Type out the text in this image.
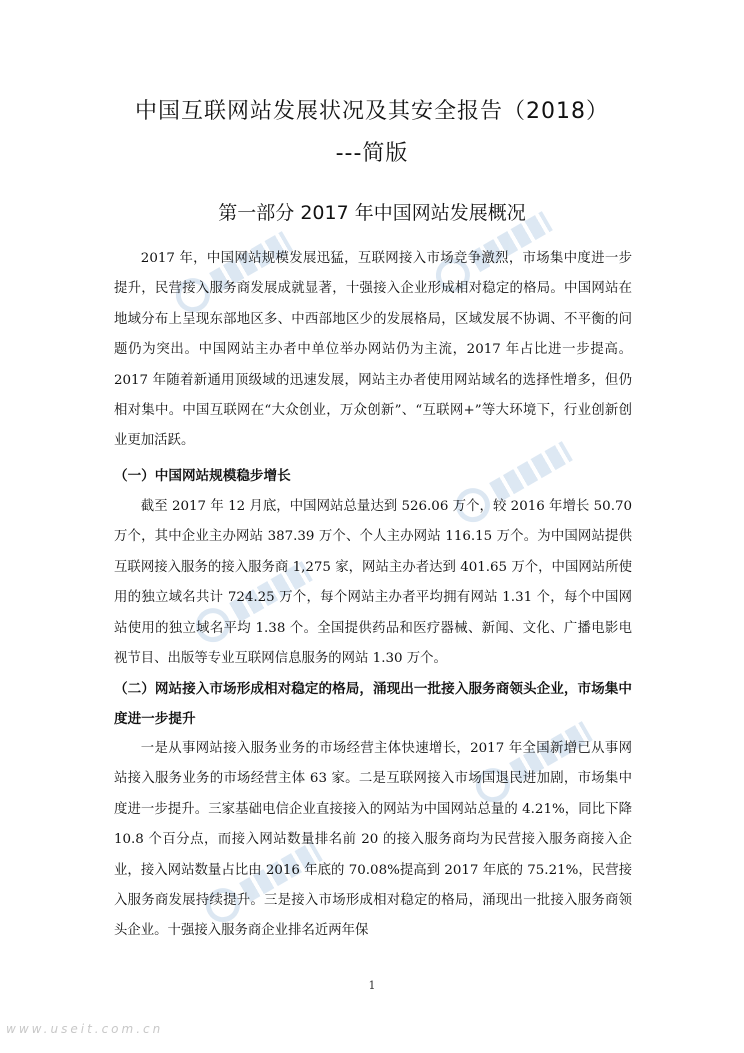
中国互联网站发展状况及其安全报告（2018）
---简版
第一部分 2017 年中国网站发展概况

2017 年，中国网站规模发展迅猛，互联网接入市场竞争激烈，市场集中度进一步提升，民营接入服务商发展成就显著，十强接入企业形成相对稳定的格局。中国网站在地域分布上呈现东部地区多、中西部地区少的发展格局，区域发展不协调、不平衡的问题仍为突出。中国网站主办者中单位举办网站仍为主流，2017 年占比进一步提高。2017 年随着新通用顶级域的迅速发展，网站主办者使用网站域名的选择性增多，但仍相对集中。中国互联网在“大众创业，万众创新”、“互联网+”等大环境下，行业创新创业更加活跃。

（一）中国网站规模稳步增长

截至 2017 年 12 月底，中国网站总量达到 526.06 万个，较 2016 年增长 50.70 万个，其中企业主办网站 387.39 万个、个人主办网站 116.15 万个。为中国网站提供互联网接入服务的接入服务商 1,275 家，网站主办者达到 401.65 万个，中国网站所使用的独立域名共计 724.25 万个，每个网站主办者平均拥有网站 1.31 个，每个中国网站使用的独立域名平均 1.38 个。全国提供药品和医疗器械、新闻、文化、广播电影电视节目、出版等专业互联网信息服务的网站 1.30 万个。

（二）网站接入市场形成相对稳定的格局，涌现出一批接入服务商领头企业，市场集中度进一步提升

一是从事网站接入服务业务的市场经营主体快速增长，2017 年全国新增已从事网站接入服务业务的市场经营主体 63 家。二是互联网接入市场国退民进加剧，市场集中度进一步提升。三家基础电信企业直接接入的网站为中国网站总量的 4.21%，同比下降 10.8 个百分点，而接入网站数量排名前 20 的接入服务商均为民营接入服务商接入企业，接入网站数量占比由 2016 年底的 70.08%提高到 2017 年底的 75.21%，民营接入服务商发展持续提升。三是接入市场形成相对稳定的格局，涌现出一批接入服务商领头企业。十强接入服务商企业排名近两年保

1
www.useit.com.cn
